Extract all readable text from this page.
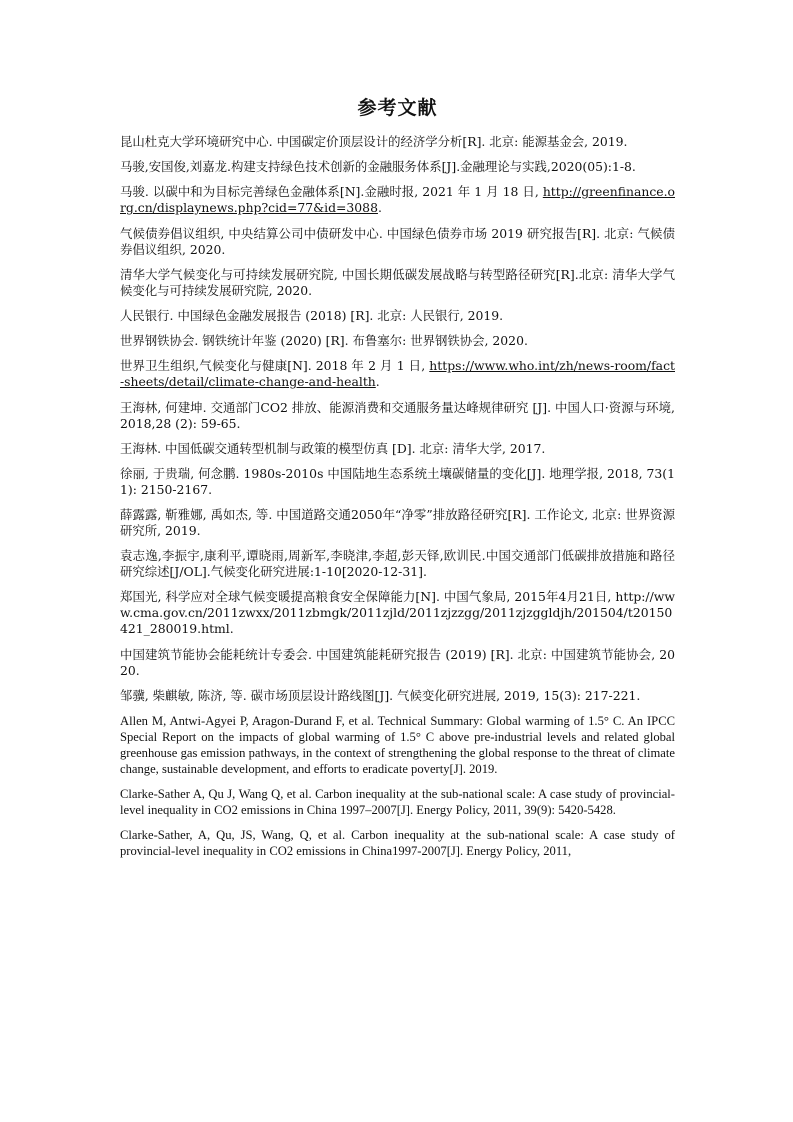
参考文献

昆山杜克大学环境研究中心. 中国碳定价顶层设计的经济学分析[R]. 北京: 能源基金会, 2019.

马骏,安国俊,刘嘉龙.构建支持绿色技术创新的金融服务体系[J].金融理论与实践,2020(05):1-8.

马骏. 以碳中和为目标完善绿色金融体系[N].金融时报, 2021 年 1 月 18 日, http://greenfinance.org.cn/displaynews.php?cid=77&id=3088.

气候债券倡议组织, 中央结算公司中债研发中心. 中国绿色债券市场 2019 研究报告[R]. 北京: 气候债券倡议组织, 2020.

清华大学气候变化与可持续发展研究院, 中国长期低碳发展战略与转型路径研究[R].北京: 清华大学气候变化与可持续发展研究院, 2020.

人民银行. 中国绿色金融发展报告 (2018) [R]. 北京: 人民银行, 2019.

世界钢铁协会. 钢铁统计年鉴 (2020) [R]. 布鲁塞尔: 世界钢铁协会, 2020.

世界卫生组织,气候变化与健康[N]. 2018 年 2 月 1 日, https://www.who.int/zh/news-room/fact-sheets/detail/climate-change-and-health.

王海林, 何建坤. 交通部门CO2 排放、能源消费和交通服务量达峰规律研究 [J]. 中国人口·资源与环境, 2018,28 (2): 59-65.

王海林. 中国低碳交通转型机制与政策的模型仿真 [D]. 北京: 清华大学, 2017.

徐丽, 于贵瑞, 何念鹏. 1980s-2010s 中国陆地生态系统土壤碳储量的变化[J]. 地理学报, 2018, 73(11): 2150-2167.

薛露露, 靳雅娜, 禹如杰, 等. 中国道路交通2050年“净零”排放路径研究[R]. 工作论文, 北京: 世界资源研究所, 2019.

袁志逸,李振宇,康利平,谭晓雨,周新军,李晓津,李超,彭天铎,欧训民.中国交通部门低碳排放措施和路径研究综述[J/OL].气候变化研究进展:1-10[2020-12-31].

郑国光, 科学应对全球气候变暖提高粮食安全保障能力[N]. 中国气象局, 2015年4月21日, http://www.cma.gov.cn/2011zwxx/2011zbmgk/2011zjld/2011zjzzgg/2011zjzggldjh/201504/t20150421_280019.html.

中国建筑节能协会能耗统计专委会. 中国建筑能耗研究报告 (2019) [R]. 北京: 中国建筑节能协会, 2020.

邹骥, 柴麒敏, 陈济, 等. 碳市场顶层设计路线图[J]. 气候变化研究进展, 2019, 15(3): 217-221.

Allen M, Antwi-Agyei P, Aragon-Durand F, et al. Technical Summary: Global warming of 1.5° C. An IPCC Special Report on the impacts of global warming of 1.5° C above pre-industrial levels and related global greenhouse gas emission pathways, in the context of strengthening the global response to the threat of climate change, sustainable development, and efforts to eradicate poverty[J]. 2019.

Clarke-Sather A, Qu J, Wang Q, et al. Carbon inequality at the sub-national scale: A case study of provincial-level inequality in CO2 emissions in China 1997–2007[J]. Energy Policy, 2011, 39(9): 5420-5428.

Clarke-Sather, A, Qu, JS, Wang, Q, et al. Carbon inequality at the sub-national scale: A case study of provincial-level inequality in CO2 emissions in China1997-2007[J]. Energy Policy, 2011,
